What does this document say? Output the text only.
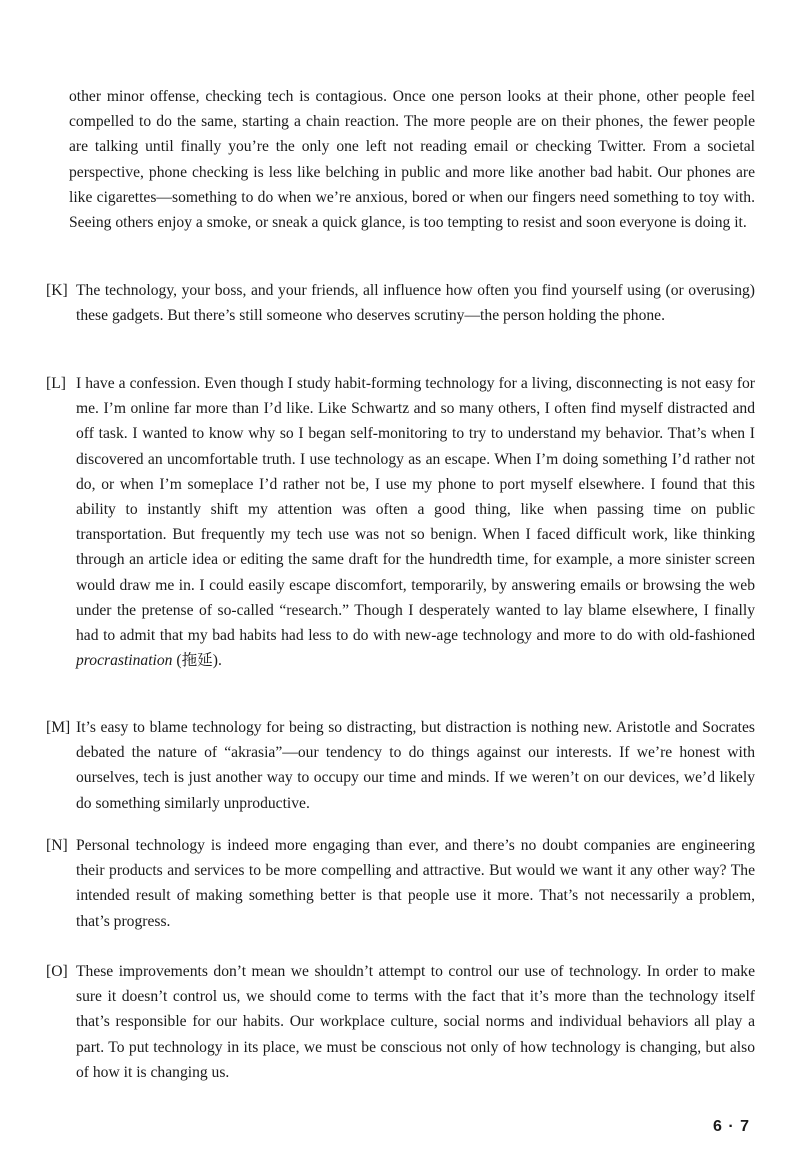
other minor offense, checking tech is contagious. Once one person looks at their phone, other people feel compelled to do the same, starting a chain reaction. The more people are on their phones, the fewer people are talking until finally you’re the only one left not reading email or checking Twitter. From a societal perspective, phone checking is less like belching in public and more like another bad habit. Our phones are like cigarettes—something to do when we’re anxious, bored or when our fingers need something to toy with. Seeing others enjoy a smoke, or sneak a quick glance, is too tempting to resist and soon everyone is doing it.

[K] The technology, your boss, and your friends, all influence how often you find yourself using (or overusing) these gadgets. But there’s still someone who deserves scrutiny—the person holding the phone.
[L] I have a confession. Even though I study habit-forming technology for a living, disconnecting is not easy for me. I’m online far more than I’d like. Like Schwartz and so many others, I often find myself distracted and off task. I wanted to know why so I began self-monitoring to try to understand my behavior. That’s when I discovered an uncomfortable truth. I use technology as an escape. When I’m doing something I’d rather not do, or when I’m someplace I’d rather not be, I use my phone to port myself elsewhere. I found that this ability to instantly shift my attention was often a good thing, like when passing time on public transportation. But frequently my tech use was not so benign. When I faced difficult work, like thinking through an article idea or editing the same draft for the hundredth time, for example, a more sinister screen would draw me in. I could easily escape discomfort, temporarily, by answering emails or browsing the web under the pretense of so-called “research.” Though I desperately wanted to lay blame elsewhere, I finally had to admit that my bad habits had less to do with new-age technology and more to do with old-fashioned procrastination (拖延).
[M] It’s easy to blame technology for being so distracting, but distraction is nothing new. Aristotle and Socrates debated the nature of “akrasia”—our tendency to do things against our interests. If we’re honest with ourselves, tech is just another way to occupy our time and minds. If we weren’t on our devices, we’d likely do something similarly unproductive.
[N] Personal technology is indeed more engaging than ever, and there’s no doubt companies are engineering their products and services to be more compelling and attractive. But would we want it any other way? The intended result of making something better is that people use it more. That’s not necessarily a problem, that’s progress.
[O] These improvements don’t mean we shouldn’t attempt to control our use of technology. In order to make sure it doesn’t control us, we should come to terms with the fact that it’s more than the technology itself that’s responsible for our habits. Our workplace culture, social norms and individual behaviors all play a part. To put technology in its place, we must be conscious not only of how technology is changing, but also of how it is changing us.
6 · 7
